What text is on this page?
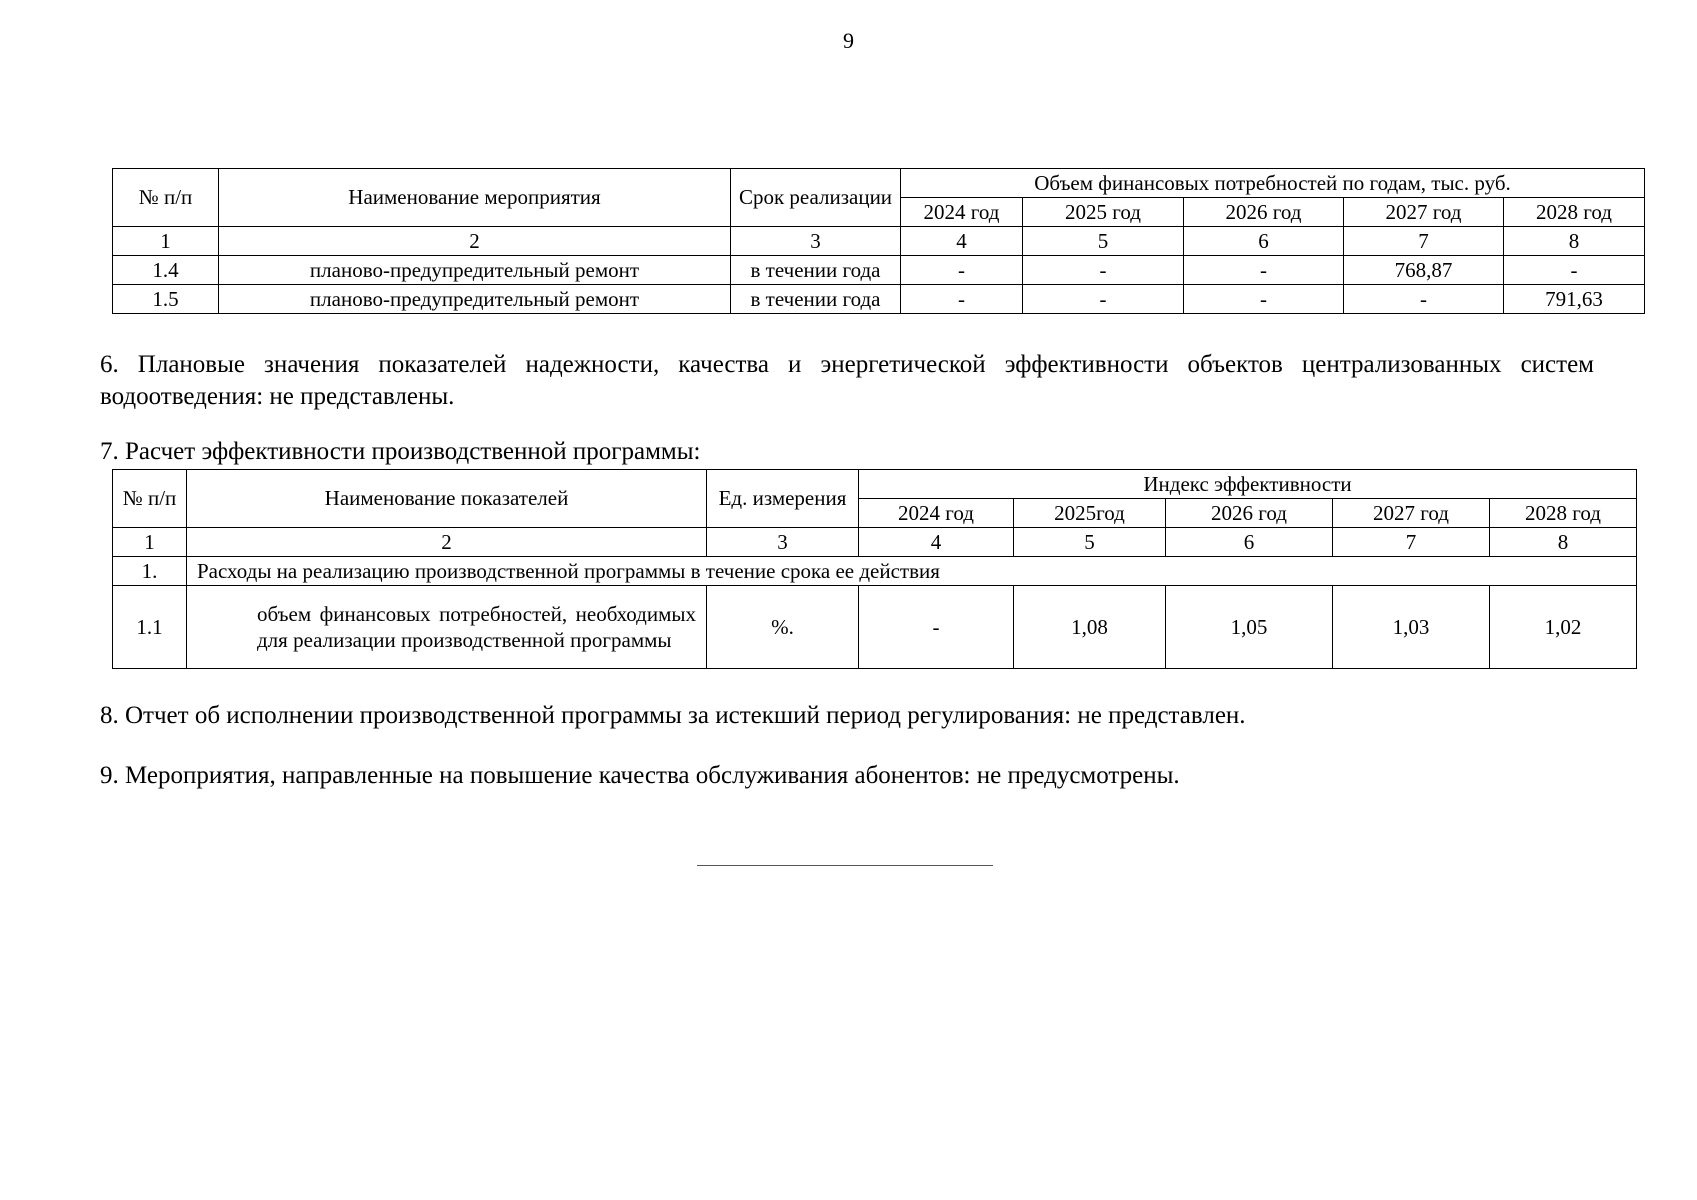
9
№ п/п	Наименование мероприятия	Срок реализации	Объем финансовых потребностей по годам, тыс. руб.				
			2024 год	2025 год	2026 год	2027 год	2028 год
1	2	3	4	5	6	7	8
1.4	планово-предупредительный ремонт	в течении года	-	-	-	768,87	-
1.5	планово-предупредительный ремонт	в течении года	-	-	-	-	791,63
6. Плановые значения показателей надежности, качества и энергетической эффективности объектов централизованных систем водоотведения: не представлены.
7. Расчет эффективности производственной программы:
№ п/п	Наименование показателей	Ед. измерения	Индекс эффективности				
			2024 год	2025год	2026 год	2027 год	2028 год
1	2	3	4	5	6	7	8
1.	Расходы на реализацию производственной программы в течение срока ее действия						
1.1	объем финансовых потребностей, необходимых для реализации производственной программы	%.	-	1,08	1,05	1,03	1,02
8. Отчет об исполнении производственной программы за истекший период регулирования: не представлен.
9. Мероприятия, направленные на повышение качества обслуживания абонентов: не предусмотрены.
